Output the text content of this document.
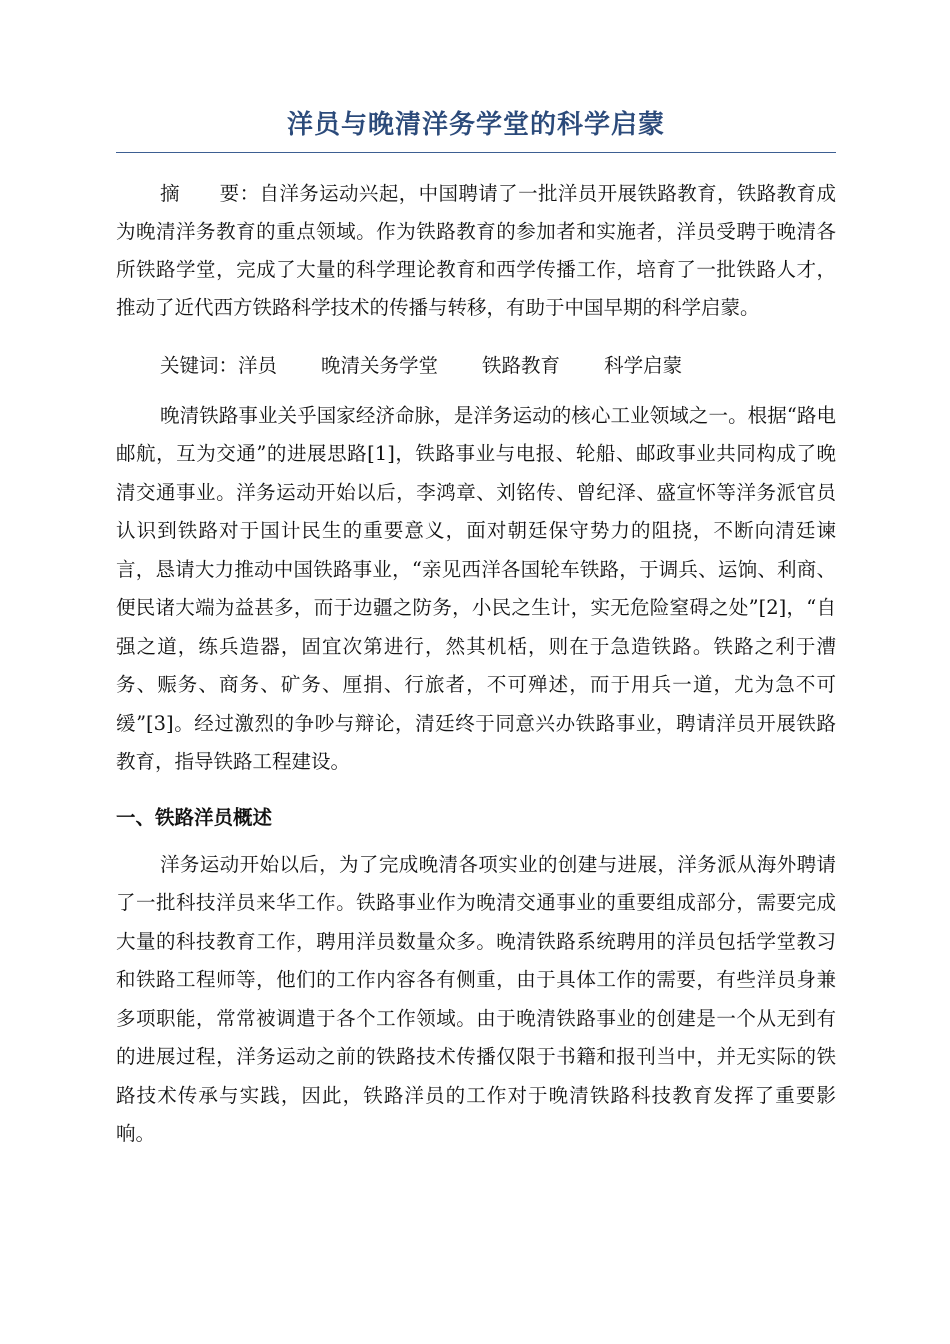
洋员与晚清洋务学堂的科学启蒙

摘　　要：自洋务运动兴起，中国聘请了一批洋员开展铁路教育，铁路教育成为晚清洋务教育的重点领域。作为铁路教育的参加者和实施者，洋员受聘于晚清各所铁路学堂，完成了大量的科学理论教育和西学传播工作，培育了一批铁路人才，推动了近代西方铁路科学技术的传播与转移，有助于中国早期的科学启蒙。

关键词：洋员 晚清关务学堂 铁路教育 科学启蒙

晚清铁路事业关乎国家经济命脉，是洋务运动的核心工业领域之一。根据“路电邮航，互为交通”的进展思路[1]，铁路事业与电报、轮船、邮政事业共同构成了晚清交通事业。洋务运动开始以后，李鸿章、刘铭传、曾纪泽、盛宣怀等洋务派官员认识到铁路对于国计民生的重要意义，面对朝廷保守势力的阻挠，不断向清廷谏言，恳请大力推动中国铁路事业，“亲见西洋各国轮车铁路，于调兵、运饷、利商、便民诸大端为益甚多，而于边疆之防务，小民之生计，实无危险窒碍之处”[2]，“自强之道，练兵造器，固宜次第进行，然其机栝，则在于急造铁路。铁路之利于漕务、赈务、商务、矿务、厘捐、行旅者，不可殚述，而于用兵一道，尤为急不可缓”[3]。经过激烈的争吵与辩论，清廷终于同意兴办铁路事业，聘请洋员开展铁路教育，指导铁路工程建设。

一、铁路洋员概述

洋务运动开始以后，为了完成晚清各项实业的创建与进展，洋务派从海外聘请了一批科技洋员来华工作。铁路事业作为晚清交通事业的重要组成部分，需要完成大量的科技教育工作，聘用洋员数量众多。晚清铁路系统聘用的洋员包括学堂教习和铁路工程师等，他们的工作内容各有侧重，由于具体工作的需要，有些洋员身兼多项职能，常常被调遣于各个工作领域。由于晚清铁路事业的创建是一个从无到有的进展过程，洋务运动之前的铁路技术传播仅限于书籍和报刊当中，并无实际的铁路技术传承与实践，因此，铁路洋员的工作对于晚清铁路科技教育发挥了重要影响。
